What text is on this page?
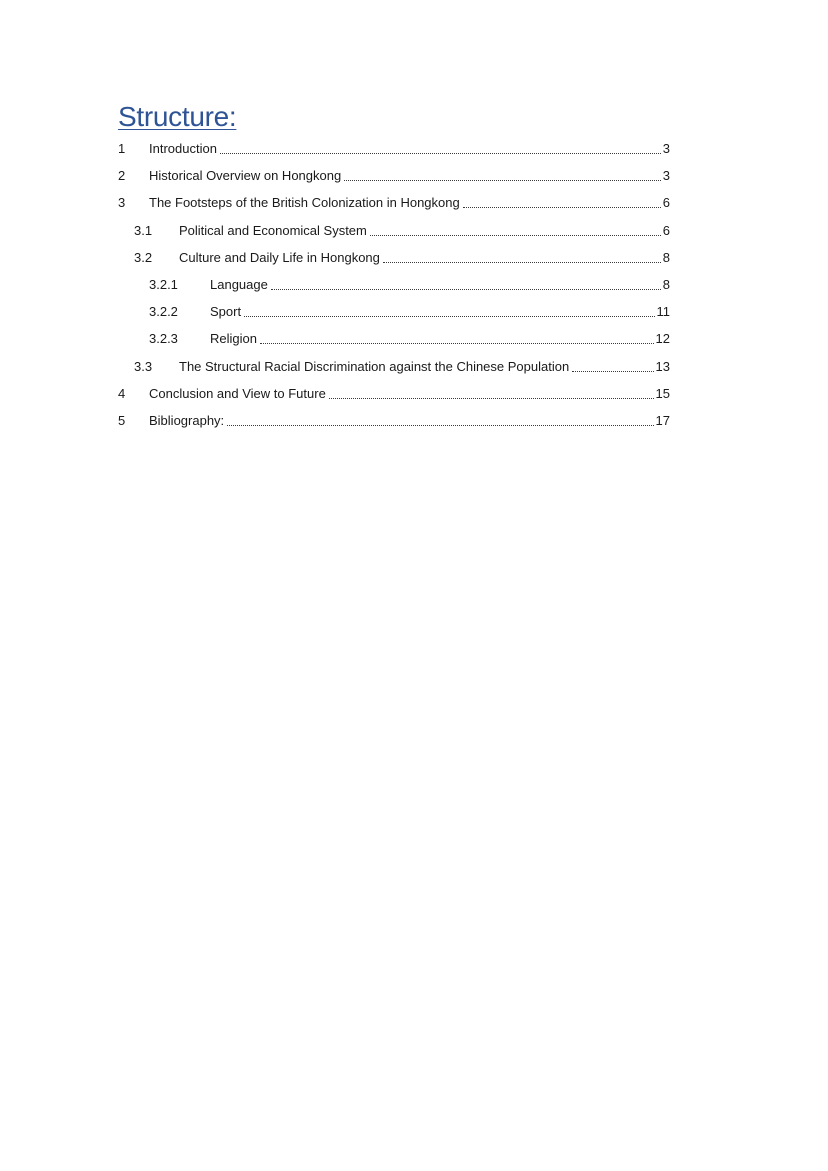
Structure:
1 Introduction	3
2 Historical Overview on Hongkong	3
3 The Footsteps of the British Colonization in Hongkong	6
3.1 Political and Economical System	6
3.2 Culture and Daily Life in Hongkong	8
3.2.1 Language	8
3.2.2 Sport	11
3.2.3 Religion	12
3.3 The Structural Racial Discrimination against the Chinese Population	13
4 Conclusion and View to Future	15
5 Bibliography:	17
